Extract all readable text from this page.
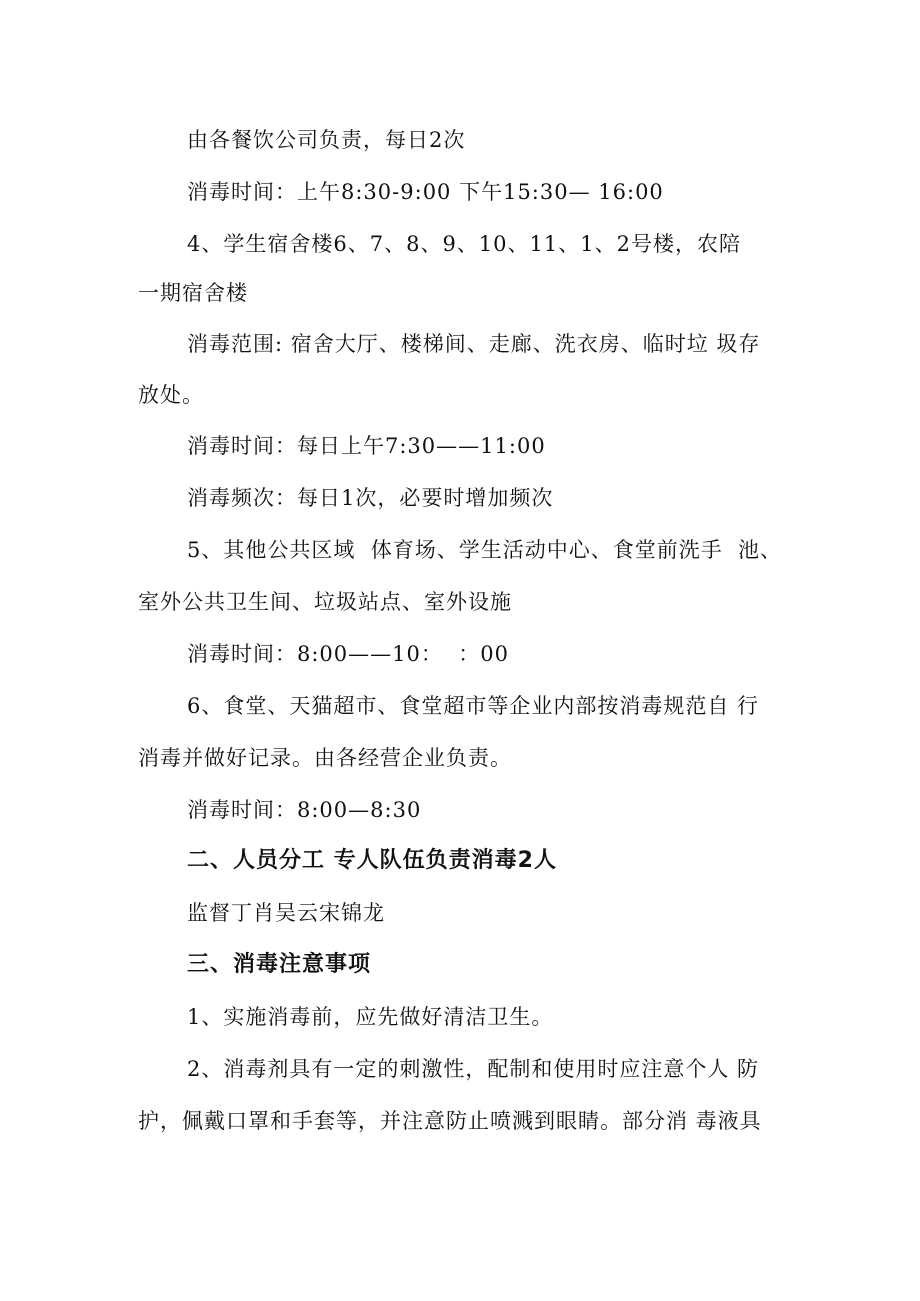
由各餐饮公司负责，每日2次
消毒时间：上午8:30-9:00 下午15:30— 16:00
4、学生宿舍楼6、7、8、9、10、11、1、2号楼，农陪
一期宿舍楼
消毒范围: 宿舍大厅、楼梯间、走廊、洗衣房、临时垃 圾存
放处。
消毒时间：每日上午7:30——11:00
消毒频次：每日1次，必要时增加频次
5、其他公共区域  体育场、学生活动中心、食堂前洗手  池、
室外公共卫生间、垃圾站点、室外设施
消毒时间：8:00——10：  ：00
6、食堂、天猫超市、食堂超市等企业内部按消毒规范自 行
消毒并做好记录。由各经营企业负责。
消毒时间：8:00—8:30
二、人员分工 专人队伍负责消毒2人
监督丁肖吴云宋锦龙
三、消毒注意事项
1、实施消毒前，应先做好清洁卫生。
2、消毒剂具有一定的刺激性，配制和使用时应注意个人 防
护，佩戴口罩和手套等，并注意防止喷溅到眼睛。部分消 毒液具
